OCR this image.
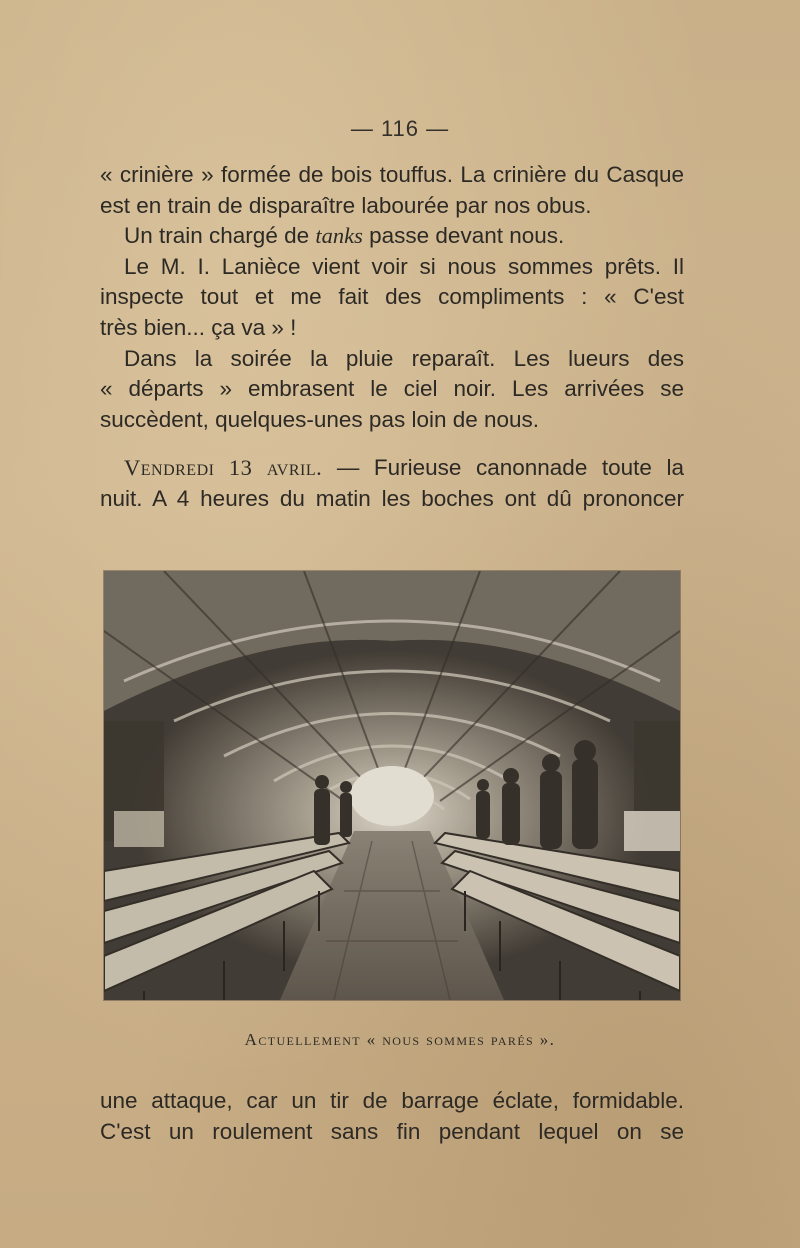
— 116 —
« crinière » formée de bois touffus. La crinière du Casque
est en train de disparaître labourée par nos obus.
Un train chargé de tanks passe devant nous.
Le M. I. Lanièce vient voir si nous sommes prêts. Il
inspecte tout et me fait des compliments : « C'est
très bien... ça va » !
Dans la soirée la pluie reparaît. Les lueurs des
« départs » embrasent le ciel noir. Les arrivées se
succèdent, quelques-unes pas loin de nous.
Vendredi 13 avril. — Furieuse canonnade toute la
nuit. A 4 heures du matin les boches ont dû prononcer
Actuellement « nous sommes parés ».
une attaque, car un tir de barrage éclate, formidable.
C'est un roulement sans fin pendant lequel on se
